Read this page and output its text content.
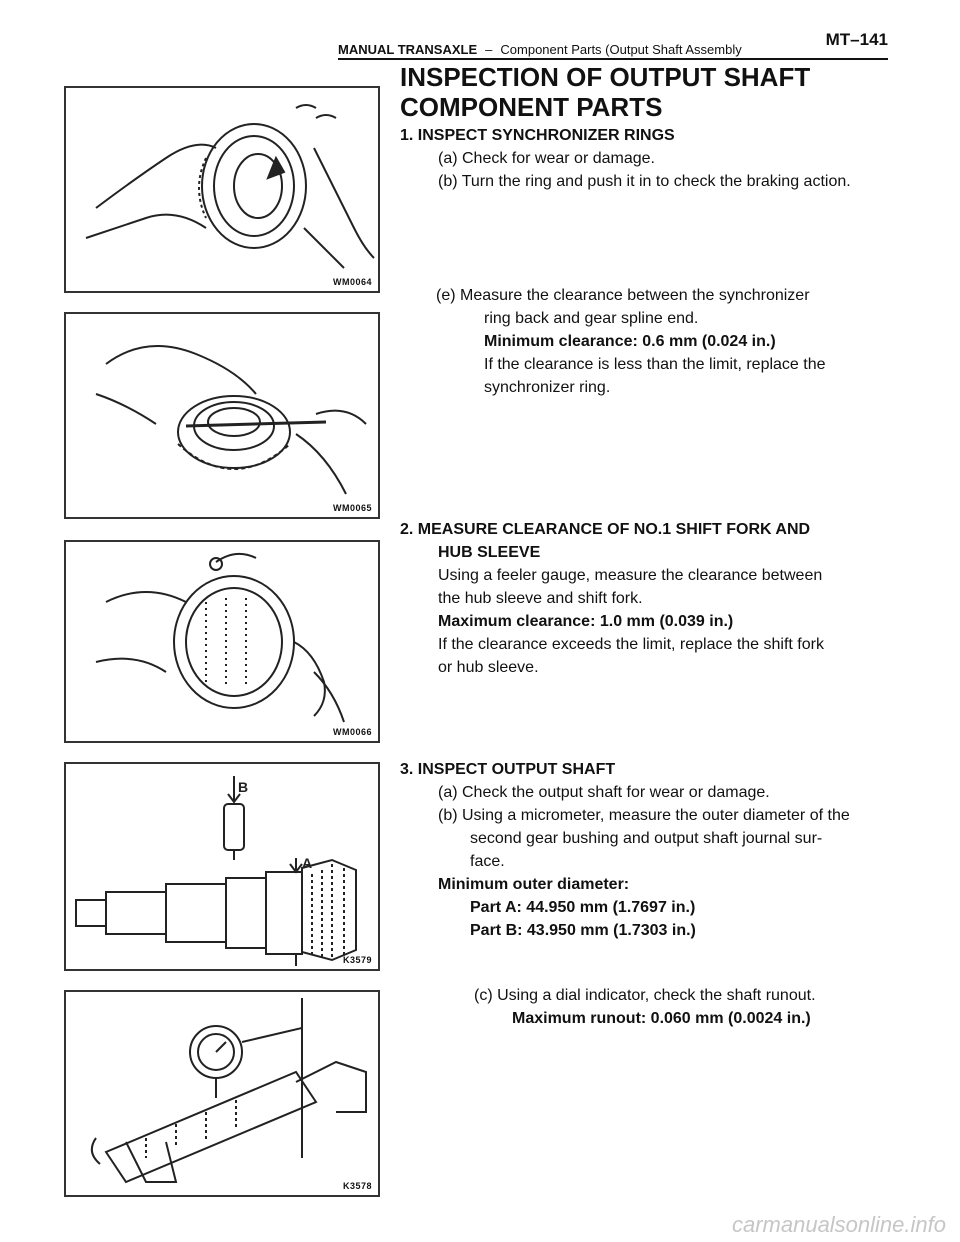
MANUAL TRANSAXLE – Component Parts (Output Shaft Assembly
MT–141
INSPECTION OF OUTPUT SHAFT
COMPONENT PARTS
1. INSPECT SYNCHRONIZER RINGS
(a) Check for wear or damage.
(b) Turn the ring and push it in to check the braking action.
(e) Measure the clearance between the synchronizer
ring back and gear spline end.
Minimum clearance: 0.6 mm (0.024 in.)
If the clearance is less than the limit, replace the
synchronizer ring.
2. MEASURE CLEARANCE OF NO.1 SHIFT FORK AND
HUB SLEEVE
Using a feeler gauge, measure the clearance between
the hub sleeve and shift fork.
Maximum clearance: 1.0 mm (0.039 in.)
If the clearance exceeds the limit, replace the shift fork
or hub sleeve.
3. INSPECT OUTPUT SHAFT
(a) Check the output shaft for wear or damage.
(b) Using a micrometer, measure the outer diameter of the
second gear bushing and output shaft journal sur-
face.
Minimum outer diameter:
Part A: 44.950 mm (1.7697 in.)
Part B: 43.950 mm (1.7303 in.)
(c) Using a dial indicator, check the shaft runout.
Maximum runout: 0.060 mm (0.0024 in.)
WM0064
WM0065
WM0066
B
A
K3579
K3578
carmanualsonline.info
